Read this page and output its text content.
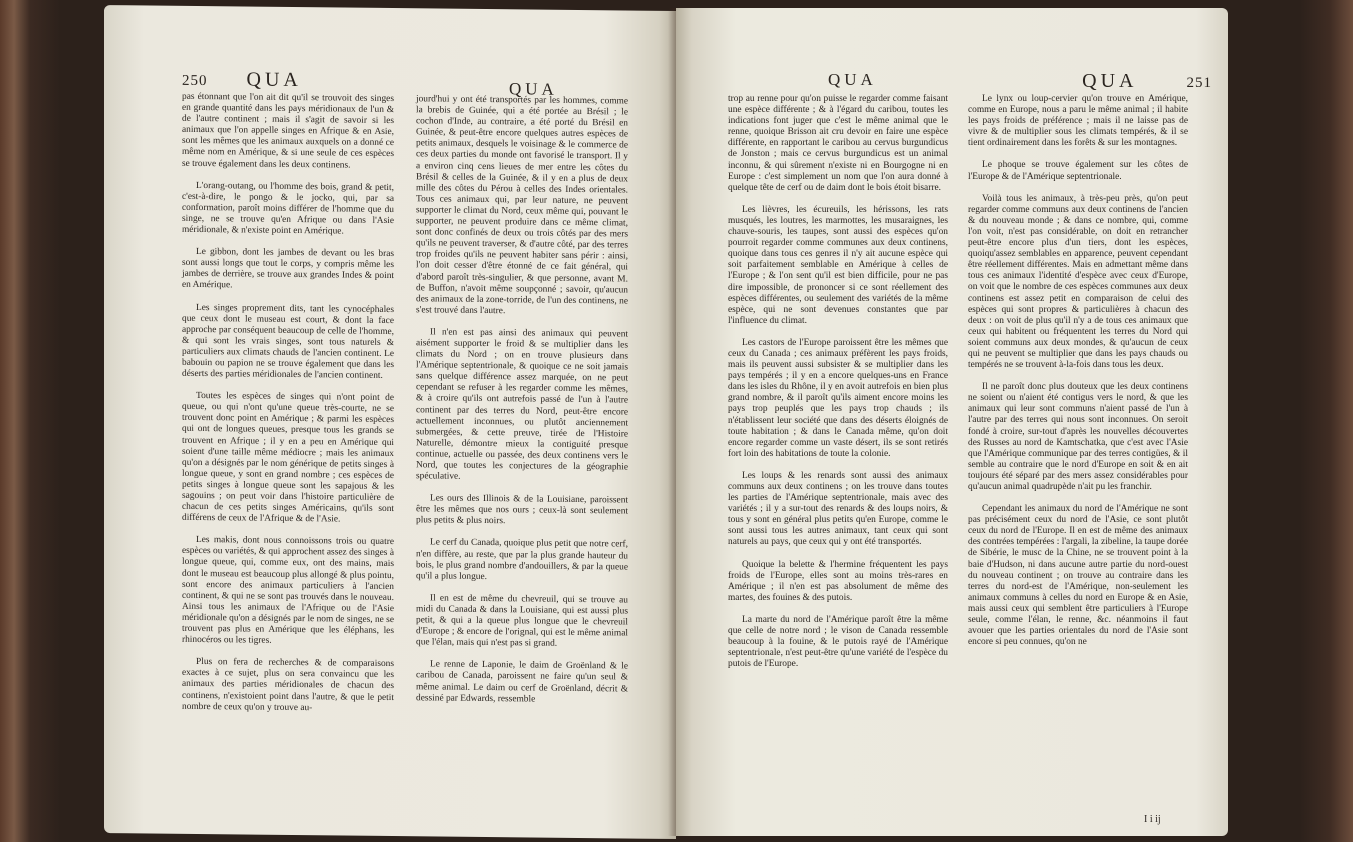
250 QUA

pas étonnant que l'on ait dit qu'il se trouvoit des singes en grande quantité dans les pays méridionaux de l'un & de l'autre continent ; mais il s'agit de savoir si les animaux que l'on appelle singes en Afrique & en Asie, sont les mêmes que les animaux auxquels on a donné ce même nom en Amérique, & si une seule de ces espèces se trouve également dans les deux continens.

L'orang-outang, ou l'homme des bois, grand & petit, c'est-à-dire, le pongo & le jocko, qui, par sa conformation, paroît moins différer de l'homme que du singe, ne se trouve qu'en Afrique ou dans l'Asie méridionale, & n'existe point en Amérique.

Le gibbon, dont les jambes de devant ou les bras sont aussi longs que tout le corps, y compris même les jambes de derrière, se trouve aux grandes Indes & point en Amérique.

Les singes proprement dits, tant les cynocéphales que ceux dont le museau est court, & dont la face approche par conséquent beaucoup de celle de l'homme, & qui sont les vrais singes, sont tous naturels & particuliers aux climats chauds de l'ancien continent. Le babouin ou papion ne se trouve également que dans les déserts des parties méridionales de l'ancien continent.

Toutes les espèces de singes qui n'ont point de queue, ou qui n'ont qu'une queue très-courte, ne se trouvent donc point en Amérique ; & parmi les espèces qui ont de longues queues, presque tous les grands se trouvent en Afrique ; il y en a peu en Amérique qui soient d'une taille même médiocre ; mais les animaux qu'on a désignés par le nom générique de petits singes à longue queue, y sont en grand nombre ; ces espèces de petits singes à longue queue sont les sapajous & les sagouins ; on peut voir dans l'histoire particulière de chacun de ces petits singes Américains, qu'ils sont différens de ceux de l'Afrique & de l'Asie.

Les makis, dont nous connoissons trois ou quatre espèces ou variétés, & qui approchent assez des singes à longue queue, qui, comme eux, ont des mains, mais dont le museau est beaucoup plus allongé & plus pointu, sont encore des animaux particuliers à l'ancien continent, & qui ne se sont pas trouvés dans le nouveau. Ainsi tous les animaux de l'Afrique ou de l'Asie méridionale qu'on a désignés par le nom de singes, ne se trouvent pas plus en Amérique que les éléphans, les rhinocéros ou les tigres.

Plus on fera de recherches & de comparaisons exactes à ce sujet, plus on sera convaincu que les animaux des parties méridionales de chacun des continens, n'existoient point dans l'autre, & que le petit nombre de ceux qu'on y trouve au-

QUA

jourd'hui y ont été transportés par les hommes, comme la brebis de Guinée, qui a été portée au Brésil ; le cochon d'Inde, au contraire, a été porté du Brésil en Guinée, & peut-être encore quelques autres espèces de petits animaux, desquels le voisinage & le commerce de ces deux parties du monde ont favorisé le transport. Il y a environ cinq cens lieues de mer entre les côtes du Brésil & celles de la Guinée, & il y en a plus de deux mille des côtes du Pérou à celles des Indes orientales. Tous ces animaux qui, par leur nature, ne peuvent supporter le climat du Nord, ceux même qui, pouvant le supporter, ne peuvent produire dans ce même climat, sont donc confinés de deux ou trois côtés par des mers qu'ils ne peuvent traverser, & d'autre côté, par des terres trop froides qu'ils ne peuvent habiter sans périr : ainsi, l'on doit cesser d'être étonné de ce fait général, qui d'abord paroît très-singulier, & que personne, avant M. de Buffon, n'avoit même soupçonné ; savoir, qu'aucun des animaux de la zone-torride, de l'un des continens, ne s'est trouvé dans l'autre.

Il n'en est pas ainsi des animaux qui peuvent aisément supporter le froid & se multiplier dans les climats du Nord ; on en trouve plusieurs dans l'Amérique septentrionale, & quoique ce ne soit jamais sans quelque différence assez marquée, on ne peut cependant se refuser à les regarder comme les mêmes, & à croire qu'ils ont autrefois passé de l'un à l'autre continent par des terres du Nord, peut-être encore actuellement inconnues, ou plutôt anciennement submergées, & cette preuve, tirée de l'Histoire Naturelle, démontre mieux la contiguité presque continue, actuelle ou passée, des deux continens vers le Nord, que toutes les conjectures de la géographie spéculative.

Les ours des Illinois & de la Louisiane, paroissent être les mêmes que nos ours ; ceux-là sont seulement plus petits & plus noirs.

Le cerf du Canada, quoique plus petit que notre cerf, n'en diffère, au reste, que par la plus grande hauteur du bois, le plus grand nombre d'andouillers, & par la queue qu'il a plus longue.

Il en est de même du chevreuil, qui se trouve au midi du Canada & dans la Louisiane, qui est aussi plus petit, & qui a la queue plus longue que le chevreuil d'Europe ; & encore de l'orignal, qui est le même animal que l'élan, mais qui n'est pas si grand.

Le renne de Laponie, le daim de Groënland & le caribou de Canada, paroissent ne faire qu'un seul & même animal. Le daim ou cerf de Groënland, décrit & dessiné par Edwards, ressemble

QUA	QUA	251

trop au renne pour qu'on puisse le regarder comme faisant une espèce différente ; & à l'égard du caribou, toutes les indications font juger que c'est le même animal que le renne, quoique Brisson ait cru devoir en faire une espèce différente, en rapportant le caribou au cervus burgundicus de Jonston ; mais ce cervus burgundicus est un animal inconnu, & qui sûrement n'existe ni en Bourgogne ni en Europe : c'est simplement un nom que l'on aura donné à quelque tête de cerf ou de daim dont le bois étoit bisarre.

Les lièvres, les écureuils, les hérissons, les rats musqués, les loutres, les marmottes, les musaraignes, les chauve-souris, les taupes, sont aussi des espèces qu'on pourroit regarder comme communes aux deux continens, quoique dans tous ces genres il n'y ait aucune espèce qui soit parfaitement semblable en Amérique à celles de l'Europe ; & l'on sent qu'il est bien difficile, pour ne pas dire impossible, de prononcer si ce sont réellement des espèces différentes, ou seulement des variétés de la même espèce, qui ne sont devenues constantes que par l'influence du climat.

Les castors de l'Europe paroissent être les mêmes que ceux du Canada ; ces animaux préfèrent les pays froids, mais ils peuvent aussi subsister & se multiplier dans les pays tempérés ; il y en a encore quelques-uns en France dans les isles du Rhône, il y en avoit autrefois en bien plus grand nombre, & il paroît qu'ils aiment encore moins les pays trop peuplés que les pays trop chauds ; ils n'établissent leur société que dans des déserts éloignés de toute habitation ; & dans le Canada même, qu'on doit encore regarder comme un vaste désert, ils se sont retirés fort loin des habitations de toute la colonie.

Les loups & les renards sont aussi des animaux communs aux deux continens ; on les trouve dans toutes les parties de l'Amérique septentrionale, mais avec des variétés ; il y a sur-tout des renards & des loups noirs, & tous y sont en général plus petits qu'en Europe, comme le sont aussi tous les autres animaux, tant ceux qui sont naturels au pays, que ceux qui y ont été transportés.

Quoique la belette & l'hermine fréquentent les pays froids de l'Europe, elles sont au moins très-rares en Amérique ; il n'en est pas absolument de même des martes, des fouines & des putois.

La marte du nord de l'Amérique paroît être la même que celle de notre nord ; le vison de Canada ressemble beaucoup à la fouine, & le putois rayé de l'Amérique septentrionale, n'est peut-être qu'une variété de l'espèce du putois de l'Europe.

Le lynx ou loup-cervier qu'on trouve en Amérique, comme en Europe, nous a paru le même animal ; il habite les pays froids de préférence ; mais il ne laisse pas de vivre & de multiplier sous les climats tempérés, & il se tient ordinairement dans les forêts & sur les montagnes.

Le phoque se trouve également sur les côtes de l'Europe & de l'Amérique septentrionale.

Voilà tous les animaux, à très-peu près, qu'on peut regarder comme communs aux deux continens de l'ancien & du nouveau monde ; & dans ce nombre, qui, comme l'on voit, n'est pas considérable, on doit en retrancher peut-être encore plus d'un tiers, dont les espèces, quoiqu'assez semblables en apparence, peuvent cependant être réellement différentes. Mais en admettant même dans tous ces animaux l'identité d'espèce avec ceux d'Europe, on voit que le nombre de ces espèces communes aux deux continens est assez petit en comparaison de celui des espèces qui sont propres & particulières à chacun des deux : on voit de plus qu'il n'y a de tous ces animaux que ceux qui habitent ou fréquentent les terres du Nord qui soient communs aux deux mondes, & qu'aucun de ceux qui ne peuvent se multiplier que dans les pays chauds ou tempérés ne se trouvent à-la-fois dans tous les deux.

Il ne paroît donc plus douteux que les deux continens ne soient ou n'aient été contigus vers le nord, & que les animaux qui leur sont communs n'aient passé de l'un à l'autre par des terres qui nous sont inconnues. On seroit fondé à croire, sur-tout d'après les nouvelles découvertes des Russes au nord de Kamtschatka, que c'est avec l'Asie que l'Amérique communique par des terres contigües, & il semble au contraire que le nord d'Europe en soit & en ait toujours été séparé par des mers assez considérables pour qu'aucun animal quadrupède n'ait pu les franchir.

Cependant les animaux du nord de l'Amérique ne sont pas précisément ceux du nord de l'Asie, ce sont plutôt ceux du nord de l'Europe. Il en est de même des animaux des contrées tempérées : l'argali, la zibeline, la taupe dorée de Sibérie, le musc de la Chine, ne se trouvent point à la baie d'Hudson, ni dans aucune autre partie du nord-ouest du nouveau continent ; on trouve au contraire dans les terres du nord-est de l'Amérique, non-seulement les animaux communs à celles du nord en Europe & en Asie, mais aussi ceux qui semblent être particuliers à l'Europe seule, comme l'élan, le renne, &c. néanmoins il faut avouer que les parties orientales du nord de l'Asie sont encore si peu connues, qu'on ne

I i ij
